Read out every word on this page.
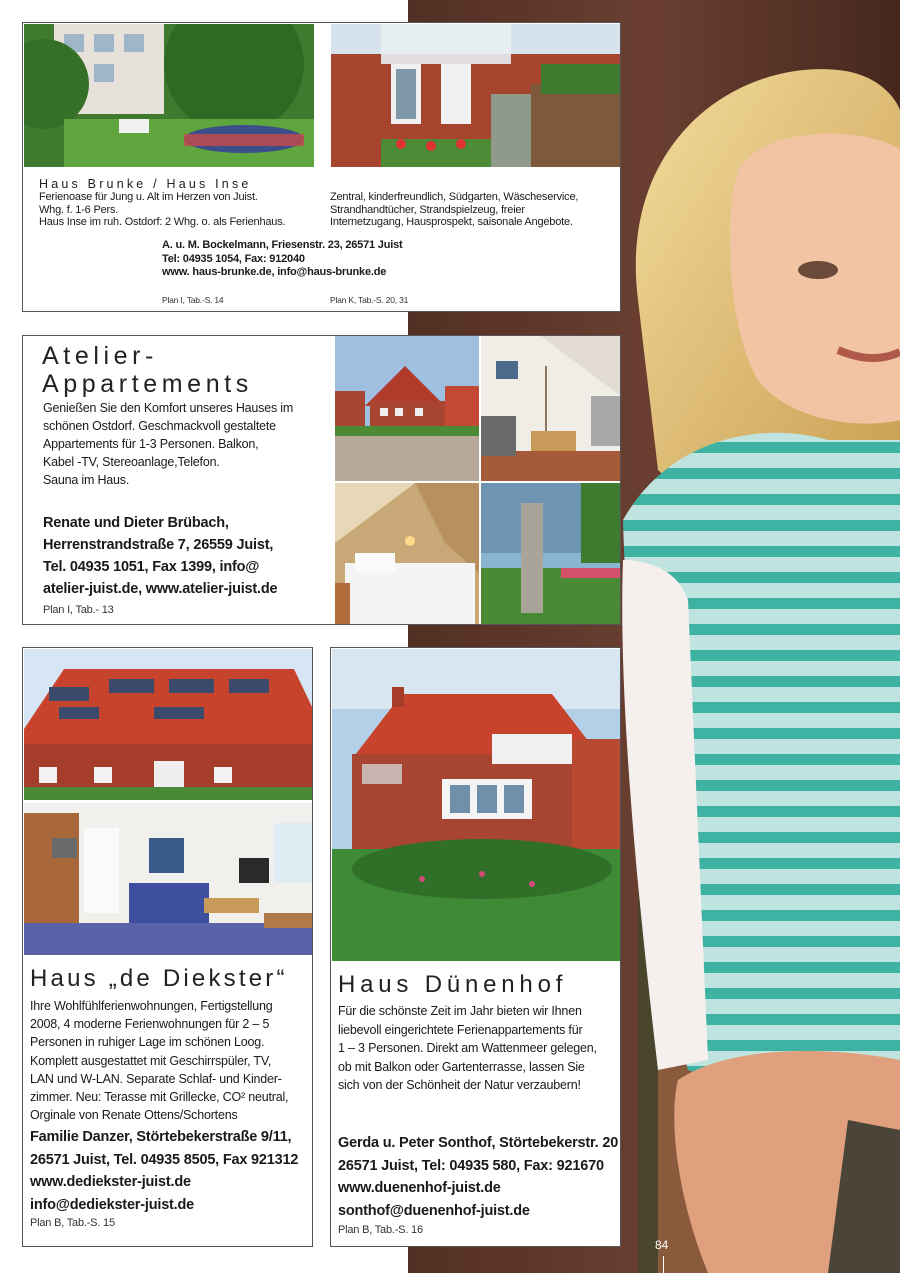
Haus Brunke / Haus Inse
Ferienoase für Jung u. Alt im Herzen von Juist.
Whg. f. 1-6 Pers.
Haus Inse im ruh. Ostdorf: 2 Whg. o. als Ferienhaus.
Zentral, kinderfreundlich, Südgarten, Wäscheservice,
Strandhandtücher, Strandspielzeug, freier
Internetzugang, Hausprospekt, saisonale Angebote.
A. u. M. Bockelmann, Friesenstr. 23, 26571 Juist
Tel: 04935 1054, Fax: 912040
www. haus-brunke.de, info@haus-brunke.de
Plan I, Tab.-S. 14	Plan K, Tab.-S. 20, 31
Atelier-
Appartements
Genießen Sie den Komfort unseres Hauses im
schönen Ostdorf. Geschmackvoll gestaltete
Appartements für 1-3 Personen. Balkon,
Kabel -TV, Stereoanlage,Telefon.
Sauna im Haus.
Renate und Dieter Brübach,
Herrenstrandstraße 7, 26559 Juist,
Tel. 04935 1051, Fax 1399, info@
atelier-juist.de, www.atelier-juist.de
Plan I, Tab.- 13
Haus „de Diekster“
Ihre Wohlfühlferienwohnungen, Fertigstellung
2008, 4 moderne Ferienwohnungen für 2 – 5
Personen in ruhiger Lage im schönen Loog.
Komplett ausgestattet mit Geschirrspüler, TV,
LAN und W-LAN. Separate Schlaf- und Kinder-
zimmer. Neu: Terasse mit Grillecke, CO² neutral,
Orginale von Renate Ottens/Schortens
Familie Danzer, Störtebekerstraße 9/11,
26571 Juist, Tel. 04935 8505, Fax 921312
www.dediekster-juist.de
info@dediekster-juist.de
Plan B, Tab.-S. 15
Haus Dünenhof
Für die schönste Zeit im Jahr bieten wir Ihnen
liebevoll eingerichtete Ferienappartements für
1 – 3 Personen. Direkt am Wattenmeer gelegen,
ob mit Balkon oder Gartenterrasse, lassen Sie
sich von der Schönheit der Natur verzaubern!
Gerda u. Peter Sonthof, Störtebekerstr. 20
26571 Juist, Tel: 04935 580, Fax: 921670
www.duenenhof-juist.de
sonthof@duenenhof-juist.de
Plan B, Tab.-S. 16
84
